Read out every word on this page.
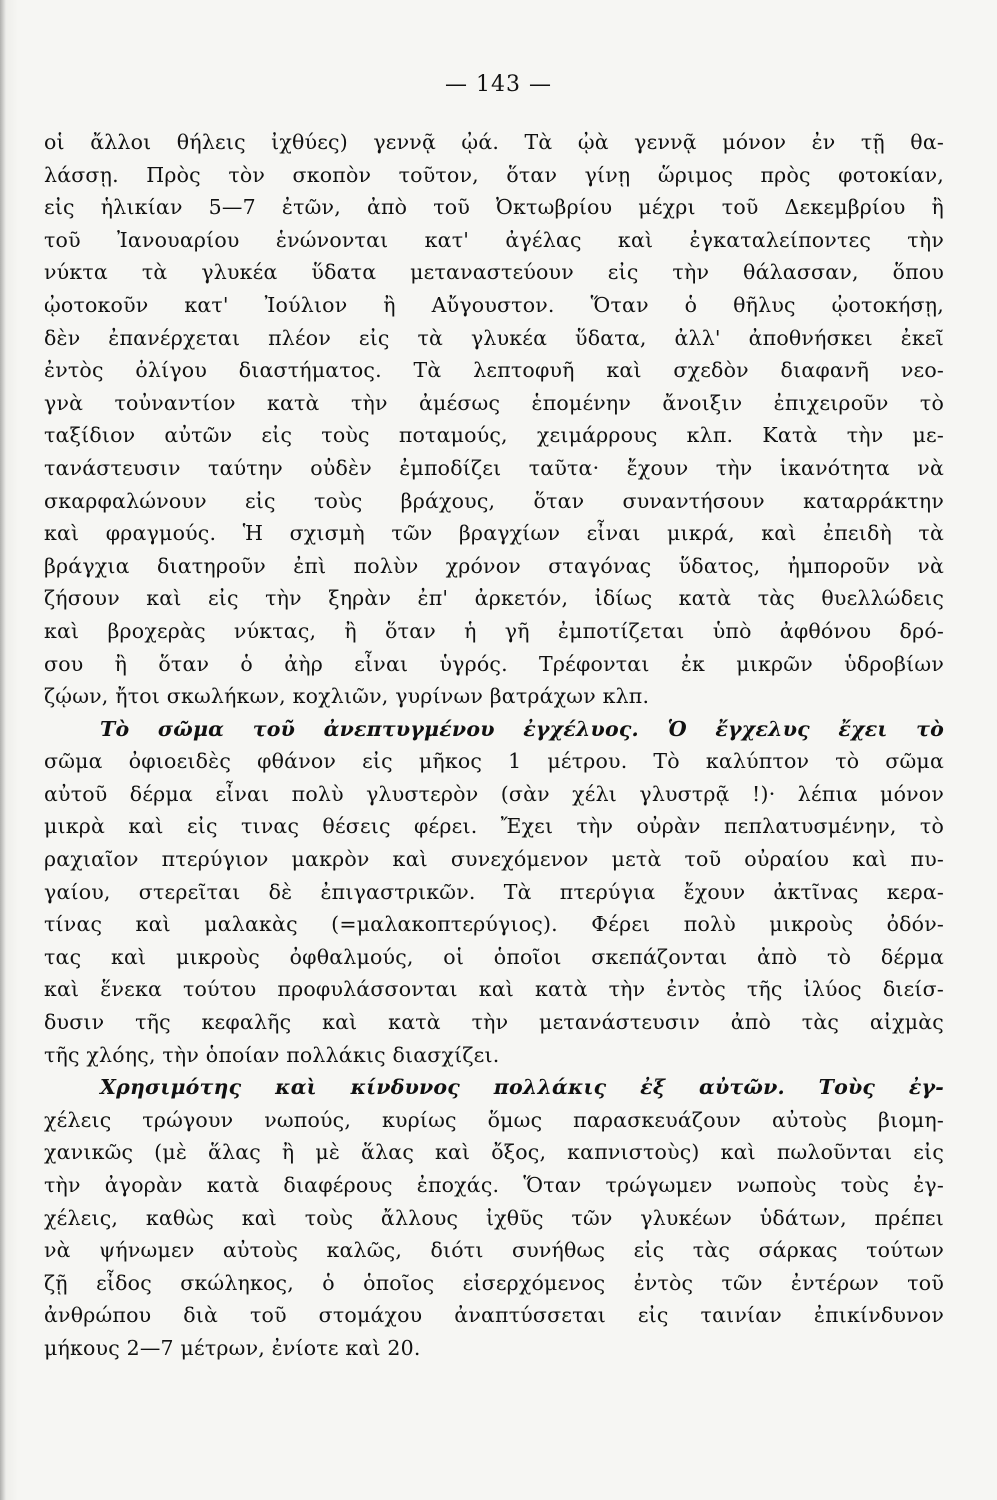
— 143 —
οἱ ἄλλοι θήλεις ἰχθύες) γεννᾷ ᾠά. Τὰ ᾠὰ γεννᾷ μόνον ἐν τῇ θα-
λάσσῃ. Πρὸς τὸν σκοπὸν τοῦτον, ὅταν γίνῃ ὥριμος πρὸς φοτοκίαν,
εἰς ἡλικίαν 5—7 ἐτῶν, ἀπὸ τοῦ Ὀκτωβρίου μέχρι τοῦ Δεκεμβρίου ἢ
τοῦ Ἰανουαρίου ἑνώνονται κατ' ἀγέλας καὶ ἐγκαταλείποντες τὴν
νύκτα τὰ γλυκέα ὕδατα μεταναστεύουν εἰς τὴν θάλασσαν, ὅπου
ᾠοτοκοῦν κατ' Ἰούλιον ἢ Αὔγουστον. Ὅταν ὁ θῆλυς ᾠοτοκήσῃ,
δὲν ἐπανέρχεται πλέον εἰς τὰ γλυκέα ὕδατα, ἀλλ' ἀποθνήσκει ἐκεῖ
ἐντὸς ὀλίγου διαστήματος. Τὰ λεπτοφυῆ καὶ σχεδὸν διαφανῆ νεο-
γνὰ τοὐναντίον κατὰ τὴν ἀμέσως ἑπομένην ἄνοιξιν ἐπιχειροῦν τὸ
ταξίδιον αὐτῶν εἰς τοὺς ποταμούς, χειμάρρους κλπ. Κατὰ τὴν με-
τανάστευσιν ταύτην οὐδὲν ἐμποδίζει ταῦτα· ἔχουν τὴν ἱκανότητα νὰ
σκαρφαλώνουν εἰς τοὺς βράχους, ὅταν συναντήσουν καταρράκτην
καὶ φραγμούς. Ἡ σχισμὴ τῶν βραγχίων εἶναι μικρά, καὶ ἐπειδὴ τὰ
βράγχια διατηροῦν ἐπὶ πολὺν χρόνον σταγόνας ὕδατος, ἠμποροῦν νὰ
ζήσουν καὶ εἰς τὴν ξηρὰν ἐπ' ἀρκετόν, ἰδίως κατὰ τὰς θυελλώδεις
καὶ βροχερὰς νύκτας, ἢ ὅταν ἡ γῆ ἐμποτίζεται ὑπὸ ἀφθόνου δρό-
σου ἢ ὅταν ὁ ἀὴρ εἶναι ὑγρός. Τρέφονται ἐκ μικρῶν ὑδροβίων
ζῴων, ἤτοι σκωλήκων, κοχλιῶν, γυρίνων βατράχων κλπ.
Τὸ σῶμα τοῦ ἀνεπτυγμένου ἐγχέλυος. Ὁ ἔγχελυς ἔχει τὸ
σῶμα ὀφιοειδὲς φθάνον εἰς μῆκος 1 μέτρου. Τὸ καλύπτον τὸ σῶμα
αὐτοῦ δέρμα εἶναι πολὺ γλυστερὸν (σὰν χέλι γλυστρᾷ !)· λέπια μόνον
μικρὰ καὶ εἰς τινας θέσεις φέρει. Ἔχει τὴν οὐρὰν πεπλατυσμένην, τὸ
ραχιαῖον πτερύγιον μακρὸν καὶ συνεχόμενον μετὰ τοῦ οὐραίου καὶ πυ-
γαίου, στερεῖται δὲ ἐπιγαστρικῶν. Τὰ πτερύγια ἔχουν ἀκτῖνας κερα-
τίνας καὶ μαλακὰς (=μαλακοπτερύγιος). Φέρει πολὺ μικροὺς ὀδόν-
τας καὶ μικροὺς ὀφθαλμούς, οἱ ὁποῖοι σκεπάζονται ἀπὸ τὸ δέρμα
καὶ ἕνεκα τούτου προφυλάσσονται καὶ κατὰ τὴν ἐντὸς τῆς ἰλύος διείσ-
δυσιν τῆς κεφαλῆς καὶ κατὰ τὴν μετανάστευσιν ἀπὸ τὰς αἰχμὰς
τῆς χλόης, τὴν ὁποίαν πολλάκις διασχίζει.
Χρησιμότης καὶ κίνδυνος πολλάκις ἐξ αὐτῶν. Τοὺς ἐγ-
χέλεις τρώγουν νωπούς, κυρίως ὅμως παρασκευάζουν αὐτοὺς βιομη-
χανικῶς (μὲ ἅλας ἢ μὲ ἅλας καὶ ὄξος, καπνιστοὺς) καὶ πωλοῦνται εἰς
τὴν ἀγορὰν κατὰ διαφέρους ἐποχάς. Ὅταν τρώγωμεν νωποὺς τοὺς ἐγ-
χέλεις, καθὼς καὶ τοὺς ἄλλους ἰχθῦς τῶν γλυκέων ὑδάτων, πρέπει
νὰ ψήνωμεν αὐτοὺς καλῶς, διότι συνήθως εἰς τὰς σάρκας τούτων
ζῇ εἶδος σκώληκος, ὁ ὁποῖος εἰσερχόμενος ἐντὸς τῶν ἐντέρων τοῦ
ἀνθρώπου διὰ τοῦ στομάχου ἀναπτύσσεται εἰς ταινίαν ἐπικίνδυνον
μήκους 2—7 μέτρων, ἐνίοτε καὶ 20.
